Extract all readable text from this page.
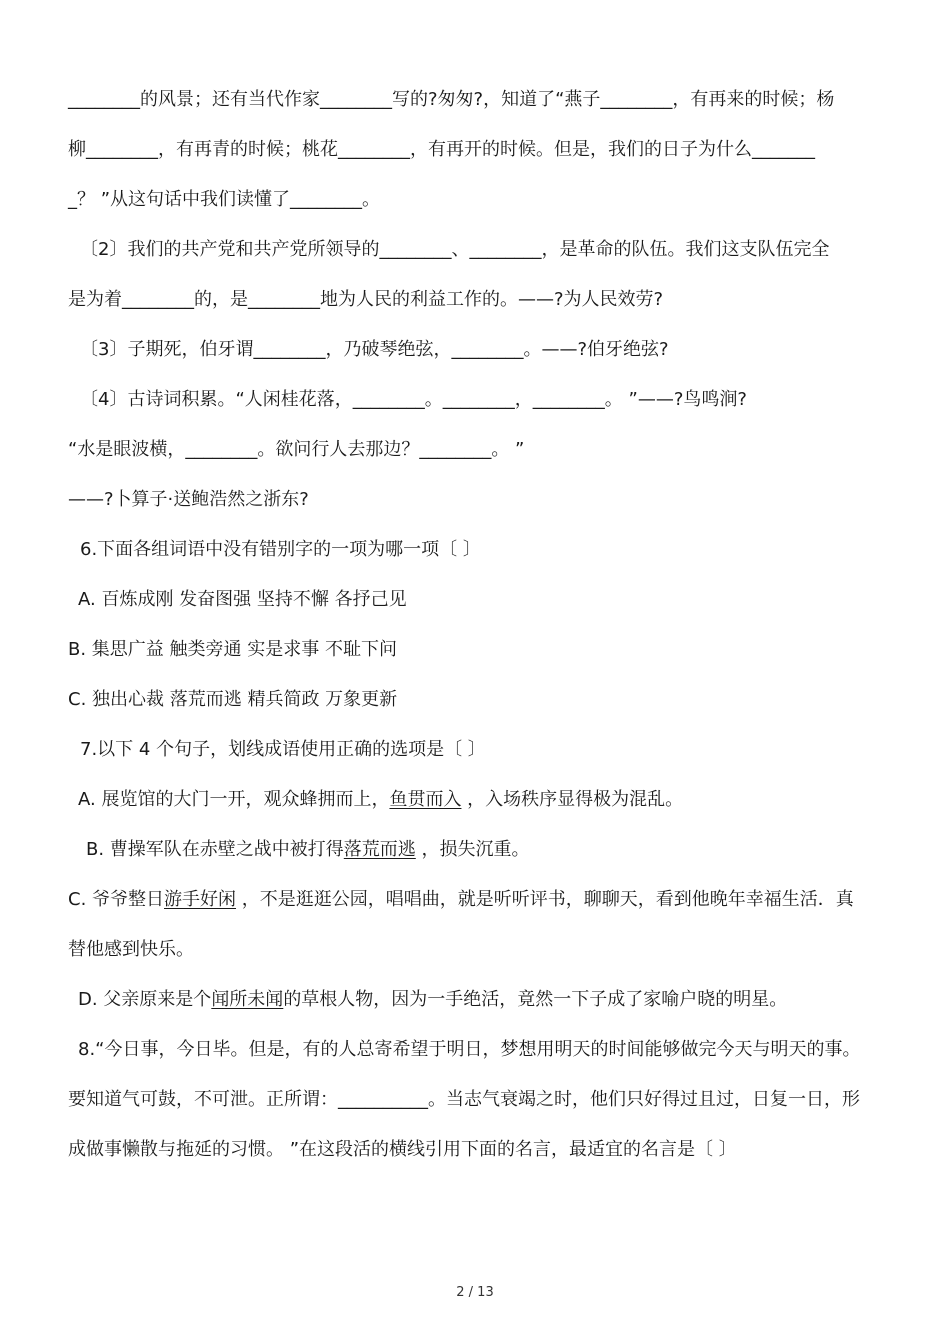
________的风景；还有当代作家________写的?匆匆?，知道了“燕子________，有再来的时候；杨
柳________，有再青的时候；桃花________，有再开的时候。但是，我们的日子为什么_______
_？ ”从这句话中我们读懂了________。
〔2〕我们的共产党和共产党所领导的________、________，是革命的队伍。我们这支队伍完全
是为着________的，是________地为人民的利益工作的。——?为人民效劳?
〔3〕子期死，伯牙谓________，乃破琴绝弦，________。——?伯牙绝弦?
〔4〕古诗词积累。“人闲桂花落，________。________，________。 ”——?鸟鸣涧?
“水是眼波横，________。欲问行人去那边？________。 ”
——?卜算子·送鲍浩然之浙东?
6.下面各组词语中没有错别字的一项为哪一项〔 〕
A. 百炼成刚 发奋图强 坚持不懈 各抒己见
B. 集思广益 触类旁通 实是求事 不耻下问
C. 独出心裁 落荒而逃 精兵简政 万象更新
7.以下 4 个句子，划线成语使用正确的选项是〔 〕
A. 展览馆的大门一开，观众蜂拥而上，鱼贯而入 ，入场秩序显得极为混乱。
B. 曹操军队在赤壁之战中被打得落荒而逃 ，损失沉重。
C. 爷爷整日游手好闲 ，不是逛逛公园，唱唱曲，就是听听评书，聊聊天，看到他晚年幸福生活．真
替他感到快乐。
D. 父亲原来是个闻所未闻的草根人物，因为一手绝活，竟然一下子成了家喻户晓的明星。
8.“今日事，今日毕。但是，有的人总寄希望于明日，梦想用明天的时间能够做完今天与明天的事。
要知道气可鼓，不可泄。正所谓：__________。当志气衰竭之时，他们只好得过且过，日复一日，形
成做事懒散与拖延的习惯。 ”在这段活的横线引用下面的名言，最适宜的名言是〔 〕
2 / 13
